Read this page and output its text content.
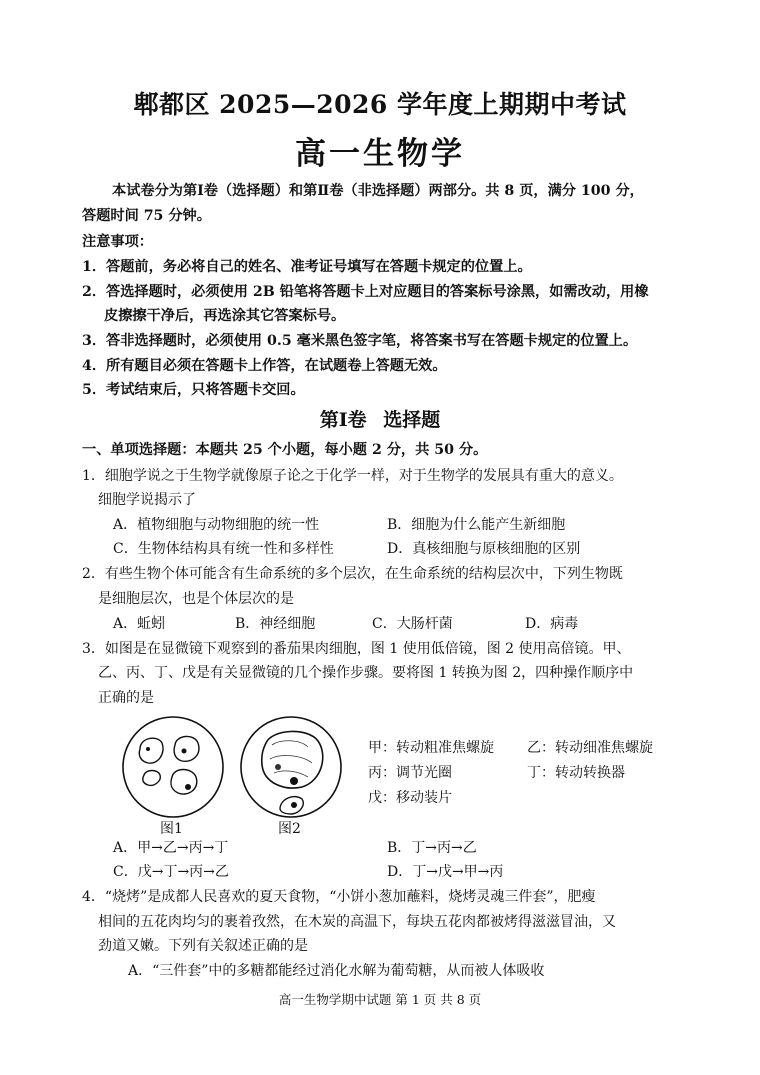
郫都区 2025—2026 学年度上期期中考试
高一生物学
本试卷分为第Ⅰ卷（选择题）和第Ⅱ卷（非选择题）两部分。共 8 页，满分 100 分，
答题时间 75 分钟。
注意事项：
1．答题前，务必将自己的姓名、准考证号填写在答题卡规定的位置上。
2．答选择题时，必须使用 2B 铅笔将答题卡上对应题目的答案标号涂黑，如需改动，用橡
皮擦擦干净后，再选涂其它答案标号。
3．答非选择题时，必须使用 0.5 毫米黑色签字笔，将答案书写在答题卡规定的位置上。
4．所有题目必须在答题卡上作答，在试题卷上答题无效。
5．考试结束后，只将答题卡交回。
第Ⅰ卷 选择题
一、单项选择题：本题共 25 个小题，每小题 2 分，共 50 分。
1．细胞学说之于生物学就像原子论之于化学一样，对于生物学的发展具有重大的意义。
细胞学说揭示了
A．植物细胞与动物细胞的统一性	B．细胞为什么能产生新细胞
C．生物体结构具有统一性和多样性	D．真核细胞与原核细胞的区别
2．有些生物个体可能含有生命系统的多个层次，在生命系统的结构层次中，下列生物既
是细胞层次，也是个体层次的是
A．蚯蚓	B．神经细胞	C．大肠杆菌	D．病毒
3．如图是在显微镜下观察到的番茄果肉细胞，图 1 使用低倍镜，图 2 使用高倍镜。甲、
乙、丙、丁、戊是有关显微镜的几个操作步骤。要将图 1 转换为图 2，四种操作顺序中
正确的是
图1	图2
甲：转动粗准焦螺旋 乙：转动细准焦螺旋
丙：调节光圈	丁：转动转换器
戊：移动装片
A．甲→乙→丙→丁	B．丁→丙→乙
C．戊→丁→丙→乙	D．丁→戊→甲→丙
4．“烧烤”是成都人民喜欢的夏天食物，“小饼小葱加蘸料，烧烤灵魂三件套”，肥瘦
相间的五花肉均匀的裹着孜然，在木炭的高温下，每块五花肉都被烤得滋滋冒油，又
劲道又嫩。下列有关叙述正确的是
A．“三件套”中的多糖都能经过消化水解为葡萄糖，从而被人体吸收
高一生物学期中试题 第 1 页 共 8 页
